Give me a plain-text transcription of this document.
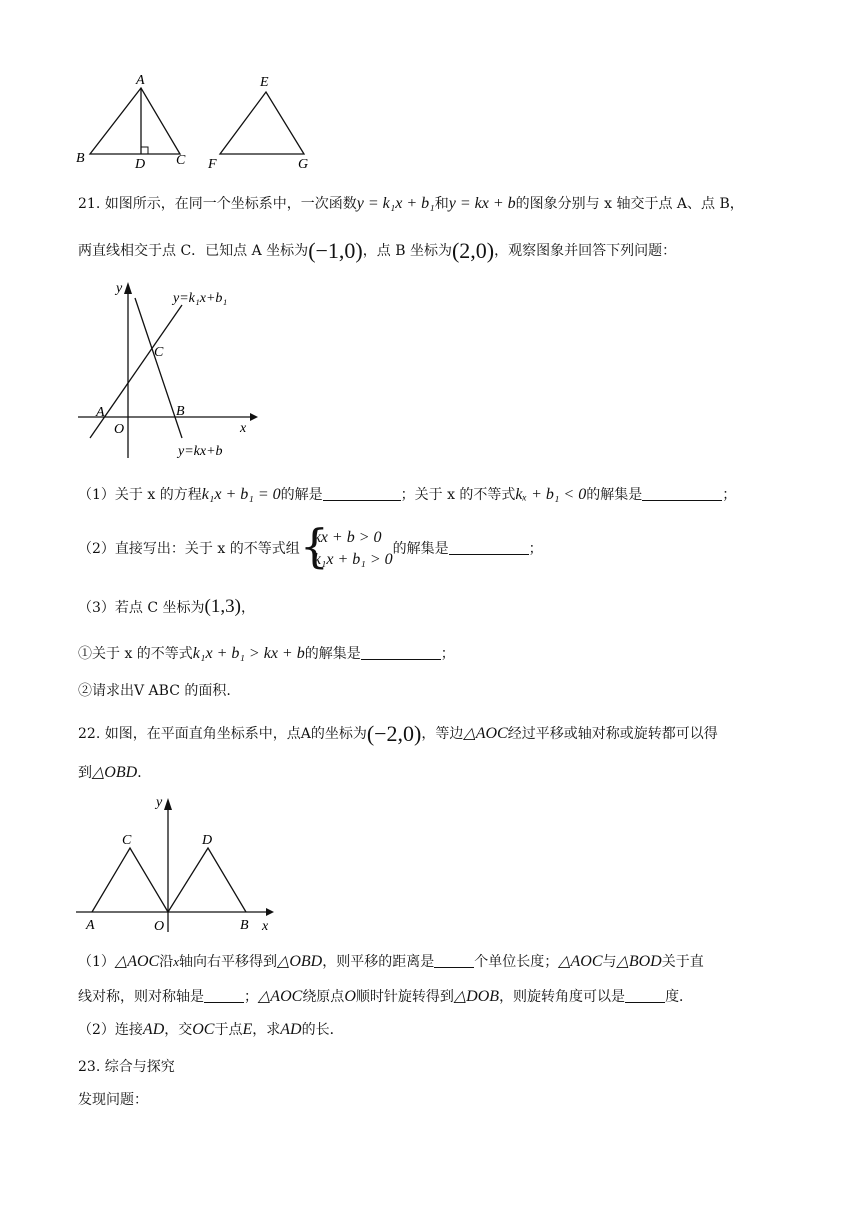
A
B	C
D
E
F	G
21. 如图所示，在同一个坐标系中，一次函数y = k₁x + b₁和y = kx + b的图象分别与 x 轴交于点 A、点 B，
两直线相交于点 C．已知点 A 坐标为(−1,0)，点 B 坐标为(2,0)，观察图象并回答下列问题：
y
x
O
A	B
C
y=k₁x+b₁
y=kx+b
（1）关于 x 的方程k₁x + b₁ = 0的解是	；关于 x 的不等式kₓ + b₁ < 0的解集是	；
（2）直接写出：关于 x 的不等式组 {
kx + b > 0
k₁x + b₁ > 0
的解集是	；
（3）若点 C 坐标为(1,3)，
①关于 x 的不等式k₁x + b₁ > kx + b的解集是	；
②请求出V ABC 的面积.
22. 如图，在平面直角坐标系中，点A的坐标为(−2,0)，等边△AOC经过平移或轴对称或旋转都可以得
到△OBD．
y
x
O
A	B
C	D
（1）△AOC沿x轴向右平移得到△OBD，则平移的距离是	个单位长度；△AOC与△BOD关于直
线对称，则对称轴是	；△AOC绕原点O顺时针旋转得到△DOB，则旋转角度可以是	度．
（2）连接AD，交OC于点E，求AD的长．
23. 综合与探究
发现问题：
